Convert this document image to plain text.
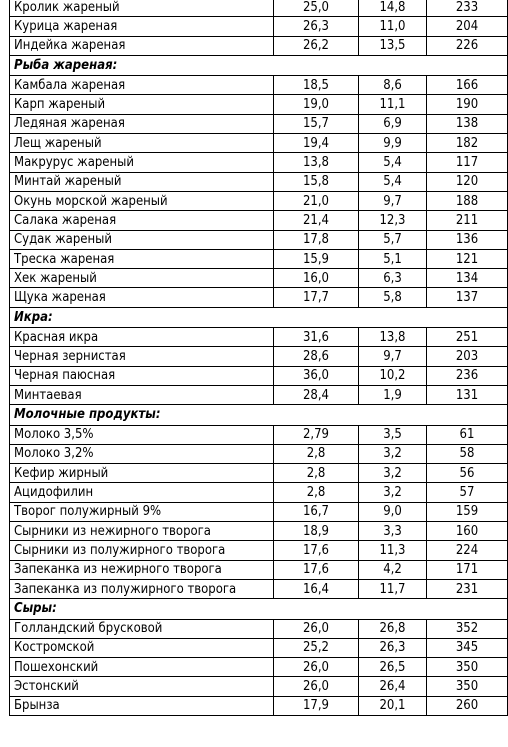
Кролик жареный	25,0	14,8	233
Курица жареная	26,3	11,0	204
Индейка жареная	26,2	13,5	226
Рыба жареная:			
Камбала жареная	18,5	8,6	166
Карп жареный	19,0	11,1	190
Ледяная жареная	15,7	6,9	138
Лещ жареный	19,4	9,9	182
Макрурус жареный	13,8	5,4	117
Минтай жареный	15,8	5,4	120
Окунь морской жареный	21,0	9,7	188
Салака жареная	21,4	12,3	211
Судак жареный	17,8	5,7	136
Треска жареная	15,9	5,1	121
Хек жареный	16,0	6,3	134
Щука жареная	17,7	5,8	137
Икра:			
Красная икра	31,6	13,8	251
Черная зернистая	28,6	9,7	203
Черная паюсная	36,0	10,2	236
Минтаевая	28,4	1,9	131
Молочные продукты:			
Молоко 3,5%	2,79	3,5	61
Молоко 3,2%	2,8	3,2	58
Кефир жирный	2,8	3,2	56
Ацидофилин	2,8	3,2	57
Творог полужирный 9%	16,7	9,0	159
Сырники из нежирного творога	18,9	3,3	160
Сырники из полужирного творога	17,6	11,3	224
Запеканка из нежирного творога	17,6	4,2	171
Запеканка из полужирного творога	16,4	11,7	231
Сыры:			
Голландский брусковой	26,0	26,8	352
Костромской	25,2	26,3	345
Пошехонский	26,0	26,5	350
Эстонский	26,0	26,4	350
Брынза	17,9	20,1	260
